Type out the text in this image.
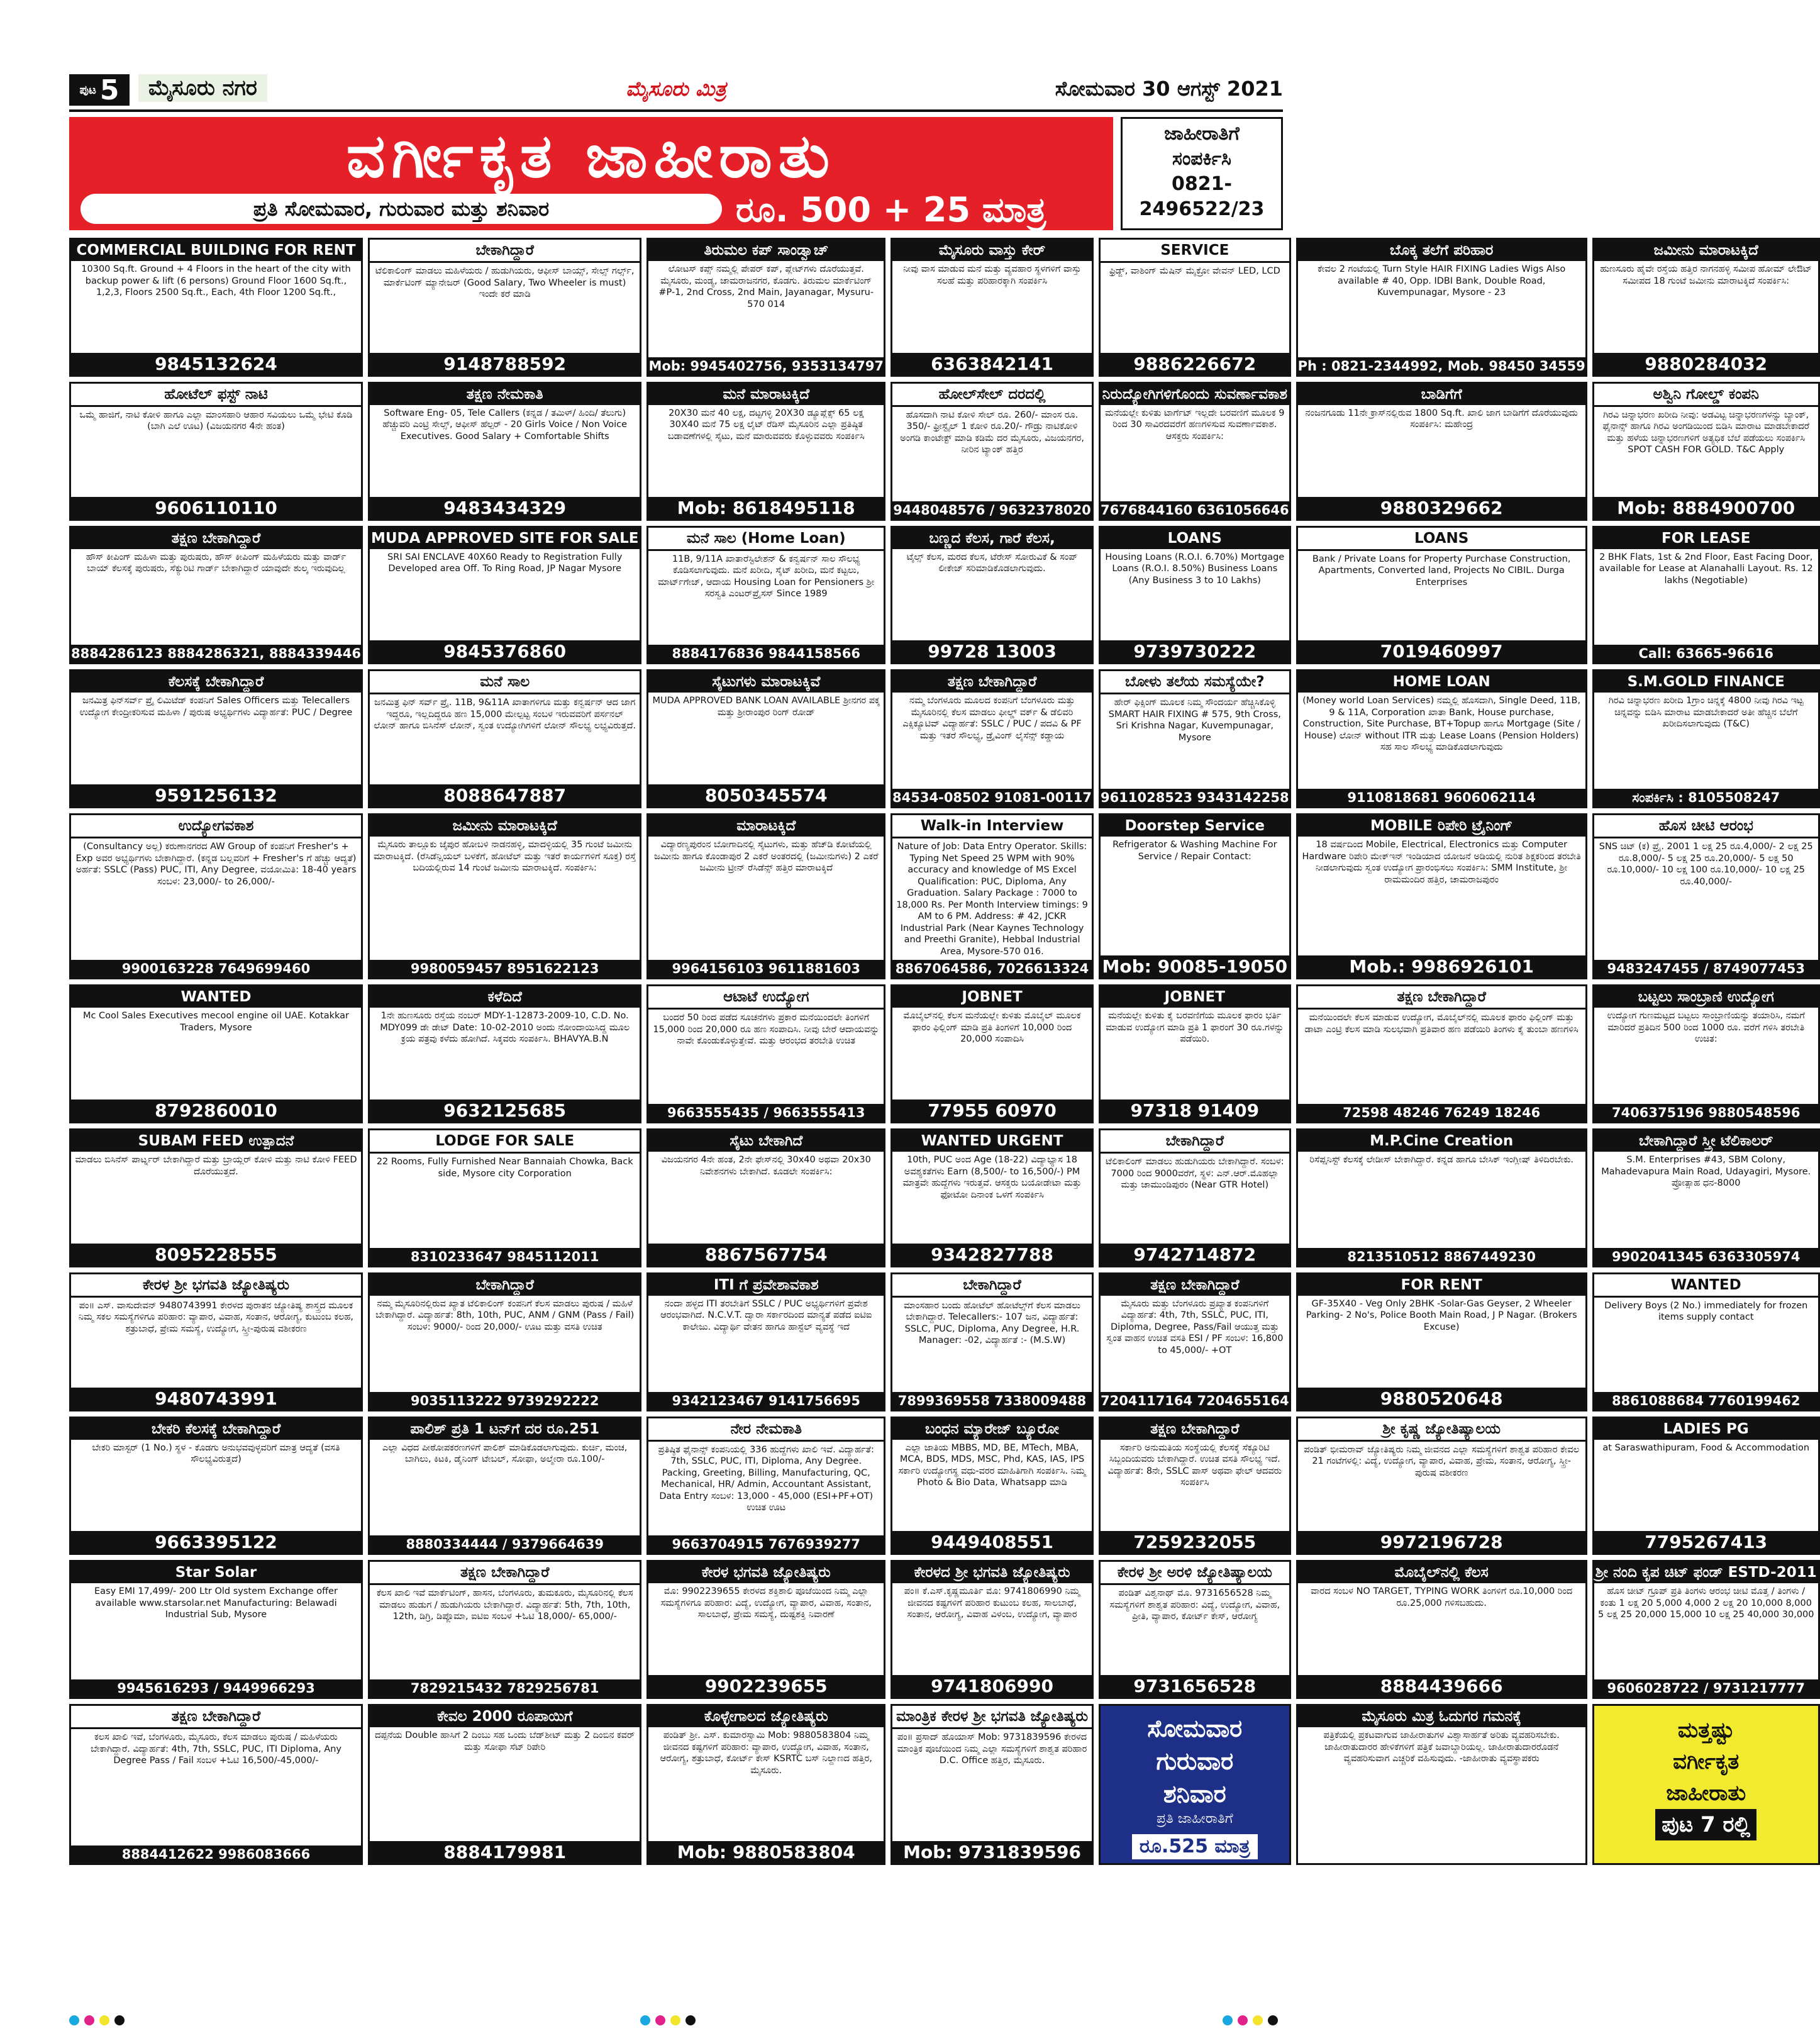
ಪುಟ 5	ಮೈಸೂರು ನಗರ	ಮೈಸೂರು ಮಿತ್ರ	ಸೋಮವಾರ 30 ಆಗಸ್ಟ್ 2021
ವರ್ಗೀಕೃತ ಜಾಹೀರಾತು
ಪ್ರತಿ ಸೋಮವಾರ, ಗುರುವಾರ ಮತ್ತು ಶನಿವಾರ	ರೂ. 500 + 25 ಮಾತ್ರ
ಜಾಹೀರಾತಿಗೆ
ಸಂಪರ್ಕಿಸಿ
0821-
2496522/23
COMMERCIAL BUILDING FOR RENT
10300 Sq.ft. Ground + 4 Floors in the heart of the city with backup power & lift (6 persons) Ground Floor 1600 Sq.ft., 1,2,3, Floors 2500 Sq.ft., Each, 4th Floor 1200 Sq.ft.,
9845132624
ಬೇಕಾಗಿದ್ದಾರೆ
ಟೆಲಿಕಾಲಿಂಗ್ ಮಾಡಲು ಮಹಿಳೆಯರು / ಹುಡುಗಿಯರು, ಆಫೀಸ್ ಬಾಯ್ಸ್, ಸೇಲ್ಸ್ ಗರ್ಲ್ಸ್, ಮಾರ್ಕೆಟಿಂಗ್ ಮ್ಯಾನೇಜರ್ (Good Salary, Two Wheeler is must) ಇಂದೇ ಕರೆ ಮಾಡಿ
9148788592
ತಿರುಮಲ ಕಪ್ ಸಾಂಡ್ವಾಚ್
ಲೋಟಸ್ ಕಪ್ಸ್ ನಮ್ಮಲ್ಲಿ ಪೇಪರ್ ಕಪ್, ಪ್ಲೇಟ್‌ಗಳು ದೊರೆಯುತ್ತವೆ. ಮೈಸೂರು, ಮಂಡ್ಯ, ಚಾಮರಾಜನಗರ, ಕೊಡಗು. ತಿರುಮಲ ಮಾರ್ಕೆಟಿಂಗ್ #P-1, 2nd Cross, 2nd Main, Jayanagar, Mysuru-570 014
Mob: 9945402756, 9353134797
ಮೈಸೂರು ವಾಸ್ತು ಕೇರ್
ನೀವು ವಾಸ ಮಾಡುವ ಮನೆ ಮತ್ತು ವ್ಯವಹಾರ ಸ್ಥಳಗಳಿಗೆ ವಾಸ್ತು ಸಲಹೆ ಮತ್ತು ಪರಿಹಾರಕ್ಕಾಗಿ ಸಂಪರ್ಕಿಸಿ
6363842141
SERVICE
ಫ್ರಿಡ್ಜ್, ವಾಶಿಂಗ್ ಮೆಷಿನ್ ಮೈಕ್ರೋ ವೇವನ್ LED, LCD
9886226672
ಬೊಕ್ಕ ತಲೆಗೆ ಪರಿಹಾರ
ಕೇವಲ 2 ಗಂಟೆಯಲ್ಲಿ Turn Style HAIR FIXING Ladies Wigs Also available # 40, Opp. IDBI Bank, Double Road, Kuvempunagar, Mysore - 23
Ph : 0821-2344992, Mob. 98450 34559
ಜಮೀನು ಮಾರಾಟಕ್ಕಿದೆ
ಹುಣಸೂರು ಹೈವೇ ರಸ್ತೆಯ ಹತ್ತಿರ ನಾಗನಹಳ್ಳಿ ಸಮೀಪ ಹೋಮ್ ಲೇಔಟ್ ಸಮೀಪದ 18 ಗುಂಟೆ ಜಮೀನು ಮಾರಾಟಕ್ಕಿದೆ ಸಂಪರ್ಕಿಸಿ:
9880284032
ಹೋಟೆಲ್ ಫಸ್ಟ್ ನಾಟಿ
ಒಮ್ಮೆ ಹಾಜಿಗೆ, ನಾಟಿ ಕೋಳಿ ಹಾಗೂ ಎಲ್ಲಾ ಮಾಂಸಹಾರಿ ಆಹಾರ ಸವಿಯಲು ಒಮ್ಮೆ ಭೇಟಿ ಕೊಡಿ (ಬಾಗಿ ಎಲೆ ಊಟ) (ವಿಜಯನಗರ 4ನೇ ಹಂತ)
9606110110
ತಕ್ಷಣ ನೇಮಕಾತಿ
Software Eng- 05, Tele Callers (ಕನ್ನಡ / ತಮಿಳ್/ ಹಿಂದಿ/ ತೆಲುಗು) ಹೆಚ್ಚುವರಿ ಎಂಟ್ರಿ ಸೇಲ್ಸ್, ಆಫೀಸ್ ಹೆಲ್ಪರ್ - 20 Girls Voice / Non Voice Executives. Good Salary + Comfortable Shifts
9483434329
ಮನೆ ಮಾರಾಟಕ್ಕಿದೆ
20X30 ಮನೆ 40 ಲಕ್ಷ, ದಟ್ಟಗಳ್ಳಿ 20X30 ಡ್ಯೂಪ್ಲೆಕ್ಸ್ 65 ಲಕ್ಷ 30X40 ಮನೆ 75 ಲಕ್ಷ ಲೈಟ್ ರೆಡಿಸ್ ಮೈಸೂರಿನ ಎಲ್ಲಾ ಪ್ರತಿಷ್ಠಿತ ಬಡಾವಣೆಗಳಲ್ಲಿ ಸೈಟು, ಮನೆ ಮಾರುವವರು ಕೊಳ್ಳುವವರು ಸಂಪರ್ಕಿಸಿ
Mob: 8618495118
ಹೋಲ್‌ಸೇಲ್ ದರದಲ್ಲಿ
ಹೊಸದಾಗಿ ನಾಟಿ ಕೋಳಿ ಸೇಲ್ ರೂ. 260/- ಮಾಂಸ ರೂ. 350/- ಫ್ರೀಸ್ಟೈಲ್ 1 ಕೋಳಿ ರೂ.20/- ಗೌಡ್ರು ನಾಟಿಕೋಳಿ ಅಂಗಡಿ ಕಾಂಟೇಕ್ಟ್ ಮಾಡಿ ಕಡಿಮೆ ದರ ಮೈಸೂರು, ವಿಜಯನಗರ, ನೀರಿನ ಟ್ಯಾಂಕ್ ಹತ್ತಿರ
9448048576 / 9632378020
ನಿರುದ್ಯೋಗಿಗಳಿಗೊಂದು ಸುವರ್ಣಾವಕಾಶ
ಮನೆಯಲ್ಲೇ ಕುಳಿತು ಟಾರ್ಗೆಟ್ ಇಲ್ಲದೇ ಬರವಣಿಗೆ ಮೂಲಕ 9 ರಿಂದ 30 ಸಾವಿರದವರೆಗೆ ಹಣಗಳಿಸುವ ಸುವರ್ಣಾವಕಾಶ. ಆಸಕ್ತರು ಸಂಪರ್ಕಿಸಿ:
7676844160 6361056646
ಬಾಡಿಗೆಗೆ
ನಂಜನಗೂಡು 11ನೇ ಕ್ರಾಸ್‌ನಲ್ಲಿರುವ 1800 Sq.ft. ಖಾಲಿ ಜಾಗ ಬಾಡಿಗೆಗೆ ದೊರೆಯುವುದು ಸಂಪರ್ಕಿಸಿ: ಮಹೇಂದ್ರ
9880329662
ಅಶ್ವಿನಿ ಗೋಲ್ಡ್ ಕಂಪನಿ
ಗಿರವಿ ಚಿನ್ನಾಭರಣ ಖರೀದಿ ನೀವು: ಅಡವಿಟ್ಟ ಚಿನ್ನಾಭರಣಗಳನ್ನು ಬ್ಯಾಂಕ್, ಫೈನಾನ್ಸ್ ಹಾಗೂ ಗಿರವಿ ಅಂಗಡಿಯಿಂದ ಬಿಡಿಸಿ ಮಾರಾಟ ಮಾಡಬೇಕಾದರೆ ಮತ್ತು ಹಳೆಯ ಚಿನ್ನಾಭರಣಗಳಿಗೆ ಅತ್ಯಧಿಕ ಬೆಲೆ ಪಡೆಯಲು ಸಂಪರ್ಕಿಸಿ SPOT CASH FOR GOLD. T&C Apply
Mob: 8884900700
ತಕ್ಷಣ ಬೇಕಾಗಿದ್ದಾರೆ
ಹೌಸ್ ಕೀಪಿಂಗ್ ಮಹಿಳಾ ಮತ್ತು ಪುರುಷರು, ಹೌಸ್ ಕೀಪಿಂಗ್ ಮಹಿಳೆಯರು ಮತ್ತು ವಾರ್ಡ್ ಬಾಯ್ ಕೆಲಸಕ್ಕೆ ಪುರುಷರು, ಸೆಕ್ಯುರಿಟಿ ಗಾರ್ಡ್ ಬೇಕಾಗಿದ್ದಾರೆ ಯಾವುದೇ ಶುಲ್ಕ ಇರುವುದಿಲ್ಲ
8884286123 8884286321, 8884339446
MUDA APPROVED SITE FOR SALE
SRI SAI ENCLAVE 40X60 Ready to Registration Fully Developed area Off. To Ring Road, JP Nagar Mysore
9845376860
ಮನೆ ಸಾಲ (Home Loan)
11B, 9/11A ಖಾತಾರೆಸ್ಟಿಲೇಶನ್ & ಕನ್ವರ್ಷನ್ ಸಾಲ ಸೌಲಭ್ಯ ಕೊಡಿಸಲಾಗುವುದು. ಮನೆ ಖರೀದಿ, ಸೈಟ್ ಖರೀದಿ, ಮನೆ ಕಟ್ಟಲು, ಮಾರ್ಟ್‌ಗೇಜ್, ಆದಾಯ Housing Loan for Pensioners ಶ್ರೀ ಸರಸ್ವತಿ ಎಂಟರ್‌ಪ್ರೈಸಸ್ Since 1989
8884176836 9844158566
ಬಣ್ಣದ ಕೆಲಸ, ಗಾರೆ ಕೆಲಸ,
ಟೈಲ್ಸ್ ಕೆಲಸ, ಮರದ ಕೆಲಸ, ಟೆರೇಸ್ ಸೋರುವಿಕೆ & ಸಂಪ್ ಲೀಕೇಜ್ ಸರಿಮಾಡಿಕೊಡಲಾಗುವುದು.
99728 13003
LOANS
Housing Loans (R.O.I. 6.70%) Mortgage Loans (R.O.I. 8.50%) Business Loans (Any Business 3 to 10 Lakhs)
9739730222
LOANS
Bank / Private Loans for Property Purchase Construction, Apartments, Converted land, Projects No CIBIL. Durga Enterprises
7019460997
FOR LEASE
2 BHK Flats, 1st & 2nd Floor, East Facing Door, available for Lease at Alanahalli Layout. Rs. 12 lakhs (Negotiable)
Call: 63665-96616
ಕೆಲಸಕ್ಕೆ ಬೇಕಾಗಿದ್ದಾರೆ
ಜನಮಿತ್ರ ಫಿನ್‌ಸರ್ವ್ ಪ್ರೈ ಲಿಮಿಟೆಡ್ ಕಂಪನಿಗೆ Sales Officers ಮತ್ತು Telecallers ಉದ್ಯೋಗ ಕೇಂದ್ರೀಕರಿಸುವ ಮಹಿಳಾ / ಪುರುಷ ಅಭ್ಯರ್ಥಿಗಳು ವಿದ್ಯಾರ್ಹತೆ: PUC / Degree
9591256132
ಮನೆ ಸಾಲ
ಜನಮಿತ್ರ ಫಿನ್ ಸರ್ವ್ ಪ್ರೈ. 11B, 9&11A ಖಾತಾಗಳಿಗೂ ಮತ್ತು ಕನ್ವರ್ಷನ್ ಆದ ಜಾಗ ಇದ್ದರೂ, ಇಲ್ಲದಿದ್ದರೂ ಹಣ 15,000 ಮೇಲ್ಪಟ್ಟ ಸಂಬಳ ಇರುವವರಿಗೆ ಪರ್ಸನಲ್ ಲೋನ್ ಹಾಗೂ ಬಿಸಿನೆಸ್ ಲೋನ್, ಸ್ವಂತ ಉದ್ಯೋಗಿಗಳಿಗೆ ಲೋನ್ ಸೌಲಭ್ಯ ಲಭ್ಯವಿರುತ್ತದೆ.
8088647887
ಸೈಟುಗಳು ಮಾರಾಟಕ್ಕಿವೆ
MUDA APPROVED BANK LOAN AVAILABLE ಶ್ರೀನಗರ ಪಕ್ಕ ಮತ್ತು ಶ್ರೀರಾಂಪುರ ರಿಂಗ್ ರೋಡ್
8050345574
ತಕ್ಷಣ ಬೇಕಾಗಿದ್ದಾರೆ
ನಮ್ಮ ಬೆಂಗಳೂರು ಮೂಲದ ಕಂಪನಿಗೆ ಬೆಂಗಳೂರು ಮತ್ತು ಮೈಸೂರಿನಲ್ಲಿ ಕೆಲಸ ಮಾಡಲು ಫೀಲ್ಡ್ ವರ್ಕ್ & ಡೆಲಿವರಿ ಎಕ್ಸಿಕ್ಯೂಟಿವ್ ವಿದ್ಯಾರ್ಹತೆ: SSLC / PUC / ಪದವಿ & PF ಮತ್ತು ಇತರೆ ಸೌಲಭ್ಯ, ಡ್ರೈವಿಂಗ್ ಲೈಸೆನ್ಸ್ ಕಡ್ಡಾಯ
84534-08502 91081-00117
ಬೋಳು ತಲೆಯ ಸಮಸ್ಯೆಯೇ?
ಹೇರ್ ಫಿಕ್ಸಿಂಗ್ ಮೂಲಕ ನಿಮ್ಮ ಸೌಂದರ್ಯ ಹೆಚ್ಚಿಸಿಕೊಳ್ಳಿ SMART HAIR FIXING # 575, 9th Cross, Sri Krishna Nagar, Kuvempunagar, Mysore
9611028523 9343142258
HOME LOAN
(Money world Loan Services) ನಮ್ಮಲ್ಲಿ ಹೊಸದಾಗಿ, Single Deed, 11B, 9 & 11A, Corporation ಖಾತಾ Bank, House purchase, Construction, Site Purchase, BT+Topup ಹಾಗೂ Mortgage (Site / House) ಲೋನ್ without ITR ಮತ್ತು Lease Loans (Pension Holders) ಸಹ ಸಾಲ ಸೌಲಭ್ಯ ಮಾಡಿಕೊಡಲಾಗುವುದು
9110818681 9606062114
S.M.GOLD FINANCE
ಗಿರವಿ ಚಿನ್ನಾಭರಣ ಖರೀದಿ 1ಗ್ರಾಂ ಚಿನ್ನಕ್ಕೆ 4800 ನೀವು ಗಿರವಿ ಇಟ್ಟ ಚಿನ್ನವನ್ನು ಬಿಡಿಸಿ ಮಾರಾಟ ಮಾಡಬೇಕಾದರೆ ಅತೀ ಹೆಚ್ಚಿನ ಬೆಲೆಗೆ ಖರೀದಿಸಲಾಗುವುದು (T&C)
ಸಂಪರ್ಕಿಸಿ : 8105508247
ಉದ್ಯೋಗವಕಾಶ
(Consultancy ಅಲ್ಲ) ಕರುಣಾನಗರದ AW Group of ಕಂಪನಿಗೆ Fresher's + Exp ಅವರ ಅಭ್ಯರ್ಥಿಗಳು ಬೇಕಾಗಿದ್ದಾರೆ. (ಕನ್ನಡ ಬಲ್ಲವರಿಗೆ + Fresher's ಗೆ ಹೆಚ್ಚು ಆದ್ಯತೆ) ಅರ್ಹತೆ: SSLC (Pass) PUC, ITI, Any Degree, ವಯೋಮಿತಿ: 18-40 years ಸಂಬಳ: 23,000/- to 26,000/-
9900163228 7649699460
ಜಮೀನು ಮಾರಾಟಕ್ಕಿದೆ
ಮೈಸೂರು ತಾಲ್ಲೂಕು ಜೈಪುರ ಹೋಬಳಿ ನಾಡನಹಳ್ಳಿ, ಮಾದಳ್ಳಿಯಲ್ಲಿ 35 ಗುಂಟೆ ಜಮೀನು ಮಾರಾಟಕ್ಕಿದೆ. (ರೆಸಿಡೆನ್ಷಿಯಲ್ ಬಳಕೆಗೆ, ಹೋಟೆಲ್ ಮತ್ತು ಇತರೆ ಕಾರ್ಯಗಳಿಗೆ ಸೂಕ್ತ) ರಸ್ತೆ ಬದಿಯಲ್ಲಿರುವ 14 ಗುಂಟೆ ಜಮೀನು ಮಾರಾಟಕ್ಕಿದೆ. ಸಂಪರ್ಕಿಸಿ:
9980059457 8951622123
ಮಾರಾಟಕ್ಕಿದೆ
ವಿದ್ಯಾರಣ್ಯಪುರಂನ ಬೋಗಾದಿನಲ್ಲಿ ಸೈಟುಗಳು, ಮತ್ತು ಹೆಚ್‌ಡಿ ಕೋಟೆಯಲ್ಲಿ ಜಮೀನು ಹಾಗೂ ಕೊಂಡಾಪುರ 2 ಎಕರೆ ಅಂತರದಲ್ಲಿ (ಜಮೀನುಗಳು) 2 ಎಕರೆ ಜಮೀನು ಟ್ರೀನ್ ರೆಸಿಡೆನ್ಸ್ ಹತ್ತಿರ ಮಾರಾಟಕ್ಕಿದೆ
9964156103 9611881603
Walk-in Interview
Nature of Job: Data Entry Operator. Skills: Typing Net Speed 25 WPM with 90% accuracy and knowledge of MS Excel Qualification: PUC, Diploma, Any Graduation. Salary Package : 7000 to 18,000 Rs. Per Month Interview timings: 9 AM to 6 PM. Address: # 42, JCKR Industrial Park (Near Kaynes Technology and Preethi Granite), Hebbal Industrial Area, Mysore-570 016.
8867064586, 7026613324
Doorstep Service
Refrigerator & Washing Machine For Service / Repair Contact:
Mob: 90085-19050
MOBILE ರಿಪೇರಿ ಟ್ರೈನಿಂಗ್
18 ವರ್ಷದಿಂದ Mobile, Electrical, Electronics ಮತ್ತು Computer Hardware ರಿಪೇರಿ ಮೇಕ್‌ಇನ್ ಇಂಡಿಯಾದ ಯೋಜನೆ ಅಡಿಯಲ್ಲಿ ನುರಿತ ಶಿಕ್ಷಕರಿಂದ ತರಬೇತಿ ನೀಡಲಾಗುವುದು ಸ್ವಂತ ಉದ್ಯೋಗ ಪ್ರಾರಂಭಿಸಲು ಸಂಪರ್ಕಿಸಿ: SMM Institute, ಶ್ರೀ ರಾಮಮಂದಿರ ಹತ್ತಿರ, ಚಾಮರಾಜಪುರಂ
Mob.: 9986926101
ಹೊಸ ಚೀಟಿ ಆರಂಭ
SNS ಚಿಟ್ (ಕ) ಪ್ರೈ. 2001 1 ಲಕ್ಷ 25 ರೂ.4,000/- 2 ಲಕ್ಷ 25 ರೂ.8,000/- 5 ಲಕ್ಷ 25 ರೂ.20,000/- 5 ಲಕ್ಷ 50 ರೂ.10,000/- 10 ಲಕ್ಷ 100 ರೂ.10,000/- 10 ಲಕ್ಷ 25 ರೂ.40,000/-
9483247455 / 8749077453
WANTED
Mc Cool Sales Executives mecool engine oil UAE. Kotakkar Traders, Mysore
8792860010
ಕಳೆದಿದೆ
1ನೇ ಹುಣಸೂರು ರಸ್ತೆಯ ನಂಬರ್ MDY-1-12873-2009-10, C.D. No. MDY099 ಡೇ ಡೇಟ್ Date: 10-02-2010 ಅಂದು ನೋಂದಾಯಿಸಿದ್ದ ಮೂಲ ಕ್ರಯ ಪತ್ರವು ಕಳೆದು ಹೋಗಿದೆ. ಸಿಕ್ಕವರು ಸಂಪರ್ಕಿಸಿ. BHAVYA.B.N
9632125685
ಆಟಾಟೆ ಉದ್ಯೋಗ
ಬಂದರೆ 50 ರಿಂದ ಪಡೆದ ಸೂಚನೆಗಳು ಪ್ರಕಾರ ಮನೆಯಿಂದಲೇ ತಿಂಗಳಿಗೆ 15,000 ರಿಂದ 20,000 ರೂ ಹಣ ಸಂಪಾದಿಸಿ. ನೀವು ಬೇರೆ ಆದಾಯವನ್ನು ನಾವೇ ಕೊಂಡುಕೊಳ್ಳುತ್ತೇವೆ. ಮತ್ತು ಆರಂಭದ ತರಬೇತಿ ಉಚಿತ
9663555435 / 9663555413
JOBNET
ಮೊಬೈಲ್‌ನಲ್ಲಿ ಕೆಲಸ ಮನೆಯಲ್ಲೇ ಕುಳಿತು ಮೊಬೈಲ್ ಮೂಲಕ ಫಾರಂ ಫಿಲ್ಲಿಂಗ್ ಮಾಡಿ ಪ್ರತಿ ತಿಂಗಳಿಗೆ 10,000 ರಿಂದ 20,000 ಸಂಪಾದಿಸಿ
77955 60970
JOBNET
ಮನೆಯಲ್ಲೇ ಕುಳಿತು ಕೈ ಬರವಣಿಗೆಯ ಮೂಲಕ ಫಾರಂ ಭರ್ತಿ ಮಾಡುವ ಉದ್ಯೋಗ ಮಾಡಿ ಪ್ರತಿ 1 ಫಾರಂಗೆ 30 ರೂ.ಗಳನ್ನು ಪಡೆಯಿರಿ.
97318 91409
ತಕ್ಷಣ ಬೇಕಾಗಿದ್ದಾರೆ
ಮನೆಯಿಂದಲೇ ಕೆಲಸ ಮಾಡುವ ಉದ್ಯೋಗ, ಮೊಬೈಲ್‌ನಲ್ಲಿ ಮೂಲಕ ಫಾರಂ ಫಿಲ್ಲಿಂಗ್ ಮತ್ತು ಡಾಟಾ ಎಂಟ್ರಿ ಕೆಲಸ ಮಾಡಿ ಸುಲಭವಾಗಿ ಪ್ರತಿವಾರ ಹಣ ಪಡೆಯಿರಿ ತಿಂಗಳು ಕೈ ತುಂಬಾ ಹಣಗಳಿಸಿ
72598 48246 76249 18246
ಬಟ್ಟಲು ಸಾಂಬ್ರಾಣಿ ಉದ್ಯೋಗ
ಉದ್ಯೋಗ ಗುಣಮಟ್ಟದ ಬಟ್ಟಲು ಸಾಂಬ್ರಾಣಿಯನ್ನು ತಯಾರಿಸಿ, ನಮಗೆ ಮಾರಿದರೆ ಪ್ರತಿದಿನ 500 ರಿಂದ 1000 ರೂ. ವರೆಗೆ ಗಳಿಸಿ ತರಬೇತಿ ಉಚಿತ:
7406375196 9880548596
SUBAM FEED ಉತ್ಪಾದನೆ
ಮಾಡಲು ಬಿಸಿನೆಸ್ ಪಾರ್ಟ್ನರ್ ಬೇಕಾಗಿದ್ದಾರೆ ಮತ್ತು ಬ್ರಾಯ್ಲರ್ ಕೋಳಿ ಮತ್ತು ನಾಟಿ ಕೋಳಿ FEED ದೊರೆಯುತ್ತದೆ.
8095228555
LODGE FOR SALE
22 Rooms, Fully Furnished Near Bannaiah Chowka, Back side, Mysore city Corporation
8310233647 9845112011
ಸೈಟು ಬೇಕಾಗಿದೆ
ವಿಜಯನಗರ 4ನೇ ಹಂತ, 2ನೇ ಫೇಸ್‌ನಲ್ಲಿ 30x40 ಅಥವಾ 20x30 ನಿವೇಶನಗಳು ಬೇಕಾಗಿದೆ. ಕೂಡಲೇ ಸಂಪರ್ಕಿಸಿ:
8867567754
WANTED URGENT
10th, PUC ಅಂದ Age (18-22) ವಿದ್ಯಾಭ್ಯಾಸ 18 ಅವಶ್ಯಕತೆಗಳು Earn (8,500/- to 16,500/-) PM ಮಾತ್ರವೇ ಹುದ್ದೆಗಳು ಇರುತ್ತವೆ. ಆಸಕ್ತರು ಬಯೋಡೇಟಾ ಮತ್ತು ಫೋಟೋ ದಿನಾಂಕ ಒಳಗೆ ಸಂಪರ್ಕಿಸಿ
9342827788
ಬೇಕಾಗಿದ್ದಾರೆ
ಟೆಲಿಕಾಲಿಂಗ್ ಮಾಡಲು ಹುಡುಗಿಯರು ಬೇಕಾಗಿದ್ದಾರೆ. ಸಂಬಳ: 7000 ರಿಂದ 9000ವರೆಗೆ, ಸ್ಥಳ: ಎನ್.ಆರ್.ಮೊಹಲ್ಲಾ ಮತ್ತು ಚಾಮುಂಡಿಪುರಂ (Near GTR Hotel)
9742714872
M.P.Cine Creation
ರಿಸೆಪ್ಷನಿಸ್ಟ್ ಕೆಲಸಕ್ಕೆ ಲೇಡೀಸ್ ಬೇಕಾಗಿದ್ದಾರೆ. ಕನ್ನಡ ಹಾಗೂ ಬೇಸಿಕ್ ಇಂಗ್ಲೀಷ್ ತಿಳಿದಿರಬೇಕು.
8213510512 8867449230
ಬೇಕಾಗಿದ್ದಾರೆ ಸ್ತ್ರೀ ಟೆಲಿಕಾಲರ್
S.M. Enterprises #43, SBM Colony, Mahadevapura Main Road, Udayagiri, Mysore. ಪ್ರೋತ್ಸಾಹ ಧನ-8000
9902041345 6363305974
ಕೇರಳ ಶ್ರೀ ಭಗವತಿ ಜ್ಯೋತಿಷ್ಯರು
ಪಂ॥ ಎಸ್. ವಾಸುದೇವನ್ 9480743991 ಕೇರಳದ ಪುರಾತನ ಜ್ಯೋತಿಷ್ಯ ಶಾಸ್ತ್ರದ ಮೂಲಕ ನಿಮ್ಮ ಸಕಲ ಸಮಸ್ಯೆಗಳಿಗೂ ಪರಿಹಾರ: ವ್ಯಾಪಾರ, ವಿವಾಹ, ಸಂತಾನ, ಆರೋಗ್ಯ, ಕುಟುಂಬ ಕಲಹ, ಶತ್ರುಬಾಧೆ, ಪ್ರೇಮ ಸಮಸ್ಯೆ, ಉದ್ಯೋಗ, ಸ್ತ್ರೀ-ಪುರುಷ ವಶೀಕರಣ
9480743991
ಬೇಕಾಗಿದ್ದಾರೆ
ನಮ್ಮ ಮೈಸೂರಿನಲ್ಲಿರುವ ಖ್ಯಾತ ಟೆಲಿಕಾಲಿಂಗ್ ಕಂಪನಿಗೆ ಕೆಲಸ ಮಾಡಲು ಪುರುಷ / ಮಹಿಳೆ ಬೇಕಾಗಿದ್ದಾರೆ. ವಿದ್ಯಾರ್ಹತೆ: 8th, 10th, PUC, ANM / GNM (Pass / Fail) ಸಂಬಳ: 9000/- ರಿಂದ 20,000/- ಊಟ ಮತ್ತು ವಸತಿ ಉಚಿತ
9035113222 9739292222
ITI ಗೆ ಪ್ರವೇಶಾವಕಾಶ
ನಂದಾ ಹಳ್ಳದ ITI ತರಬೇತಿಗೆ SSLC / PUC ಅಭ್ಯರ್ಥಿಗಳಿಗೆ ಪ್ರವೇಶ ಆರಂಭವಾಗಿದೆ. N.C.V.T. ದ್ವಾರಾ ಸರ್ಕಾರದಿಂದ ಮಾನ್ಯತೆ ಪಡೆದ ಐಟಿಐ ಕಾಲೇಜು. ವಿದ್ಯಾರ್ಥಿ ವೇತನ ಹಾಗೂ ಹಾಸ್ಟೆಲ್ ವ್ಯವಸ್ಥೆ ಇದೆ
9342123467 9141756695
ಬೇಕಾಗಿದ್ದಾರೆ
ಮಾಂಸಹಾರ ಬಂದು ಹೋಟೆಲ್ ಹೋಟೆಲ್ಸ್‌ಗೆ ಕೆಲಸ ಮಾಡಲು ಬೇಕಾಗಿದ್ದಾರೆ. Telecallers:- 107 ಜನ, ವಿದ್ಯಾರ್ಹತೆ: SSLC, PUC, Diploma, Any Degree, H.R. Manager: -02, ವಿದ್ಯಾರ್ಹತೆ :- (M.S.W)
7899369558 7338009488
ತಕ್ಷಣ ಬೇಕಾಗಿದ್ದಾರೆ
ಮೈಸೂರು ಮತ್ತು ಬೆಂಗಳೂರು ಪ್ರಖ್ಯಾತ ಕಂಪನಿಗಳಿಗೆ ವಿದ್ಯಾರ್ಹತೆ: 4th, 7th, SSLC, PUC, ITI, Diploma, Degree, Pass/Fail ಆಯುತ್ತ ಮತ್ತು ಸ್ವಂತ ವಾಹನ ಉಚಿತ ವಸತಿ ESI / PF ಸಂಬಳ: 16,800 to 45,000/- +OT
7204117164 7204655164
FOR RENT
GF-35X40 - Veg Only 2BHK -Solar-Gas Geyser, 2 Wheeler Parking- 2 No's, Police Booth Main Road, J P Nagar. (Brokers Excuse)
9880520648
WANTED
Delivery Boys (2 No.) immediately for frozen items supply contact
8861088684 7760199462
ಬೇಕರಿ ಕೆಲಸಕ್ಕೆ ಬೇಕಾಗಿದ್ದಾರೆ
ಬೇಕರಿ ಮಾಸ್ಟರ್ (1 No.) ಸ್ಥಳ - ಕೊಡಗು ಅನುಭವವುಳ್ಳವರಿಗೆ ಮಾತ್ರ ಆದ್ಯತೆ (ವಸತಿ ಸೌಲಭ್ಯವಿರುತ್ತದೆ)
9663395122
ಪಾಲಿಶ್ ಪ್ರತಿ 1 ಟನ್‌ಗೆ ದರ ರೂ.251
ಎಲ್ಲಾ ವಿಧದ ಪೀಠೋಪಕರಣಗಳಿಗೆ ಪಾಲಿಶ್ ಮಾಡಿಕೊಡಲಾಗುವುದು. ಕುರ್ಚಿ, ಮಂಚ, ಬಾಗಿಲು, ಕಿಟಕಿ, ಡೈನಿಂಗ್ ಟೇಬಲ್, ಸೋಫಾ, ಅಲ್ಮೇರಾ ರೂ.100/-
8880334444 / 9379664639
ನೇರ ನೇಮಕಾತಿ
ಪ್ರತಿಷ್ಠಿತ ಫೈನಾನ್ಸ್ ಕಂಪನಿಯಲ್ಲಿ 336 ಹುದ್ದೆಗಳು ಖಾಲಿ ಇವೆ. ವಿದ್ಯಾರ್ಹತೆ: 7th, SSLC, PUC, ITI, Diploma, Any Degree. Packing, Greeting, Billing, Manufacturing, QC, Mechanical, HR/ Admin, Accountant Assistant, Data Entry ಸಂಬಳ: 13,000 - 45,000 (ESI+PF+OT) ಉಚಿತ ಊಟ
9663704915 7676939277
ಬಂಧನ ಮ್ಯಾರೇಜ್ ಬ್ಯೂರೋ
ಎಲ್ಲಾ ಜಾತಿಯ MBBS, MD, BE, MTech, MBA, MCA, BDS, MDS, MSC, Phd, KAS, IAS, IPS ಸರ್ಕಾರಿ ಉದ್ಯೋಗಸ್ಥ ವಧು-ವರರ ಮಾಹಿತಿಗಾಗಿ ಸಂಪರ್ಕಿಸಿ. ನಿಮ್ಮ Photo & Bio Data, Whatsapp ಮಾಡಿ
9449408551
ತಕ್ಷಣ ಬೇಕಾಗಿದ್ದಾರೆ
ಸರ್ಕಾರಿ ಅನುಮತಿಯ ಸಂಸ್ಥೆಯಲ್ಲಿ ಕೆಲಸಕ್ಕೆ ಸೆಕ್ಯೂರಿಟಿ ಸಿಬ್ಬಂದಿಯವರು ಬೇಕಾಗಿದ್ದಾರೆ. ಉಚಿತ ವಸತಿ ಸೌಲಭ್ಯ ಇದೆ. ವಿದ್ಯಾರ್ಹತೆ: 8ನೇ, SSLC ಪಾಸ್ ಅಥವಾ ಫೇಲ್ ಆದವರು ಸಂಪರ್ಕಿಸಿ
7259232055
ಶ್ರೀ ಕೃಷ್ಣ ಜ್ಯೋತಿಷ್ಯಾಲಯ
ಪಂಡಿತ್ ಭೀಮರಾವ್ ಜ್ಯೋತಿಷ್ಯರು ನಿಮ್ಮ ಜೀವನದ ಎಲ್ಲಾ ಸಮಸ್ಯೆಗಳಿಗೆ ಶಾಶ್ವತ ಪರಿಹಾರ ಕೇವಲ 21 ಗಂಟೆಗಳಲ್ಲಿ: ವಿದ್ಯೆ, ಉದ್ಯೋಗ, ವ್ಯಾಪಾರ, ವಿವಾಹ, ಪ್ರೇಮ, ಸಂತಾನ, ಆರೋಗ್ಯ, ಸ್ತ್ರೀ-ಪುರುಷ ವಶೀಕರಣ
9972196728
LADIES PG
at Saraswathipuram, Food & Accommodation
7795267413
Star Solar
Easy EMI 17,499/- 200 Ltr Old system Exchange offer available www.starsolar.net Manufacturing: Belawadi Industrial Sub, Mysore
9945616293 / 9449966293
ತಕ್ಷಣ ಬೇಕಾಗಿದ್ದಾರೆ
ಕೆಲಸ ಖಾಲಿ ಇವೆ ಮಾರ್ಕೆಟಿಂಗ್, ಹಾಸನ, ಬೆಂಗಳೂರು, ತುಮಕೂರು, ಮೈಸೂರಿನಲ್ಲಿ ಕೆಲಸ ಮಾಡಲು ಹುಡುಗ / ಹುಡುಗಿಯರು ಬೇಕಾಗಿದ್ದಾರೆ. ವಿದ್ಯಾರ್ಹತೆ: 5th, 7th, 10th, 12th, ಡಿಗ್ರಿ, ಡಿಪ್ಲೊಮಾ, ಐಟಿಐ ಸಂಬಳ +ಓಟಿ 18,000/- 65,000/-
7829215432 7829256781
ಕೇರಳ ಭಗವತಿ ಜ್ಯೋತಿಷ್ಯರು
ಮೊ: 9902239655 ಕೇರಳದ ಶಕ್ತಿಶಾಲಿ ಪೂಜೆಯಿಂದ ನಿಮ್ಮ ಎಲ್ಲಾ ಸಮಸ್ಯೆಗಳಿಗೂ ಪರಿಹಾರ: ವಿದ್ಯೆ, ಉದ್ಯೋಗ, ವ್ಯಾಪಾರ, ವಿವಾಹ, ಸಂತಾನ, ಸಾಲಬಾಧೆ, ಪ್ರೇಮ ಸಮಸ್ಯೆ, ದುಷ್ಟಶಕ್ತಿ ನಿವಾರಣೆ
9902239655
ಕೇರಳದ ಶ್ರೀ ಭಗವತಿ ಜ್ಯೋತಿಷ್ಯರು
ಪಂ॥ ಕೆ.ಎಸ್.ಕೃಷ್ಣಮೂರ್ತಿ ಮೊ: 9741806990 ನಿಮ್ಮ ಜೀವನದ ಕಷ್ಟಗಳಿಗೆ ಪರಿಹಾರ ಕುಟುಂಬ ಕಲಹ, ಸಾಲಬಾಧೆ, ಸಂತಾನ, ಆರೋಗ್ಯ, ವಿವಾಹ ವಿಳಂಬ, ಉದ್ಯೋಗ, ವ್ಯಾಪಾರ
9741806990
ಕೇರಳ ಶ್ರೀ ಅರಳಿ ಜ್ಯೋತಿಷ್ಯಾಲಯ
ಪಂಡಿತ್ ವಿಶ್ವನಾಥ್ ಮೊ. 9731656528 ನಿಮ್ಮ ಸಮಸ್ಯೆಗಳಿಗೆ ಶಾಶ್ವತ ಪರಿಹಾರ: ವಿದ್ಯೆ, ಉದ್ಯೋಗ, ವಿವಾಹ, ಪ್ರೀತಿ, ವ್ಯಾಪಾರ, ಕೋರ್ಟ್ ಕೇಸ್, ಆರೋಗ್ಯ
9731656528
ಮೊಬೈಲ್‌ನಲ್ಲಿ ಕೆಲಸ
ವಾರದ ಸಂಬಳ NO TARGET, TYPING WORK ತಿಂಗಳಿಗೆ ರೂ.10,000 ರಿಂದ ರೂ.25,000 ಗಳಿಸಬಹುದು.
8884439666
ಶ್ರೀ ನಂದಿ ಕೃಪ ಚಿಟ್ ಫಂಡ್ ESTD-2011
ಹೊಸ ಚೀಟ್ ಗ್ರೂಪ್ ಪ್ರತಿ ತಿಂಗಳು ಆರಂಭ ಚೀಟಿ ಮೊತ್ತ / ತಿಂಗಳು / ಕಂತು 1 ಲಕ್ಷ 20 5,000 4,000 2 ಲಕ್ಷ 20 10,000 8,000 5 ಲಕ್ಷ 25 20,000 15,000 10 ಲಕ್ಷ 25 40,000 30,000
9606028722 / 9731217777
ತಕ್ಷಣ ಬೇಕಾಗಿದ್ದಾರೆ
ಕಲಸ ಖಾಲಿ ಇವೆ, ಬೆಂಗಳೂರು, ಮೈಸೂರು, ಕೆಲಸ ಮಾಡಲು ಪುರುಷ / ಮಹಿಳೆಯರು ಬೇಕಾಗಿದ್ದಾರೆ. ವಿದ್ಯಾರ್ಹತೆ: 4th, 7th, SSLC, PUC, ITI Diploma, Any Degree Pass / Fail ಸಂಬಳ +ಓಟಿ 16,500/-45,000/-
8884412622 9986083666
ಕೇವಲ 2000 ರೂಪಾಯಿಗೆ
ದಪ್ಪನೆಯ Double ಹಾಸಿಗೆ 2 ದಿಂಬು ಸಹ ಒಂದು ಬೆಡ್‌ಶೀಟ್ ಮತ್ತು 2 ದಿಂಬಿನ ಕವರ್ ಮತ್ತು ಸೋಫಾ ಸೆಟ್ ರಿಪೇರಿ
8884179981
ಕೊಳ್ಳೇಗಾಲದ ಜ್ಯೋತಿಷ್ಯರು
ಪಂಡಿತ್ ಶ್ರೀ. ಎಸ್. ಕುಮಾರಸ್ವಾಮಿ Mob: 9880583804 ನಿಮ್ಮ ಜೀವನದ ಕಷ್ಟಗಳಿಗೆ ಪರಿಹಾರ: ವ್ಯಾಪಾರ, ಉದ್ಯೋಗ, ವಿವಾಹ, ಸಂತಾನ, ಆರೋಗ್ಯ, ಶತ್ರುಬಾಧೆ, ಕೋರ್ಟ್ ಕೇಸ್ KSRTC ಬಸ್ ನಿಲ್ದಾಣದ ಹತ್ತಿರ, ಮೈಸೂರು.
Mob: 9880583804
ಮಾಂತ್ರಿಕ ಕೇರಳ ಶ್ರೀ ಭಗವತಿ ಜ್ಯೋತಿಷ್ಯರು
ಪಂ॥ ಪ್ರಸಾದ್ ಹೊಯಾಸ್ Mob: 9731839596 ಕೇರಳದ ಮಾಂತ್ರಿಕ ಪೂಜೆಯಿಂದ ನಿಮ್ಮ ಎಲ್ಲಾ ಸಮಸ್ಯೆಗಳಿಗೆ ಶಾಶ್ವತ ಪರಿಹಾರ D.C. Office ಹತ್ತಿರ, ಮೈಸೂರು.
Mob: 9731839596
ಸೋಮವಾರ
ಗುರುವಾರ
ಶನಿವಾರ
ಪ್ರತಿ ಜಾಹೀರಾತಿಗೆ
ರೂ.525 ಮಾತ್ರ
ಮೈಸೂರು ಮಿತ್ರ ಓದುಗರ ಗಮನಕ್ಕೆ
ಪತ್ರಿಕೆಯಲ್ಲಿ ಪ್ರಕಟವಾಗುವ ಜಾಹೀರಾತುಗಳ ವಿಶ್ವಾಸಾರ್ಹತೆ ಅರಿತು ವ್ಯವಹರಿಸಬೇಕು. ಜಾಹೀರಾತುದಾರರ ಹೇಳಿಕೆಗಳಿಗೆ ಪತ್ರಿಕೆ ಜವಾಬ್ದಾರಿಯಲ್ಲ. ಜಾಹೀರಾತುದಾರರೊಡನೆ ವ್ಯವಹರಿಸುವಾಗ ಎಚ್ಚರಿಕೆ ವಹಿಸುವುದು. -ಜಾಹೀರಾತು ವ್ಯವಸ್ಥಾಪಕರು
ಮತ್ತಷ್ಟು
ವರ್ಗೀಕೃತ
ಜಾಹೀರಾತು
ಪುಟ 7 ರಲ್ಲಿ
